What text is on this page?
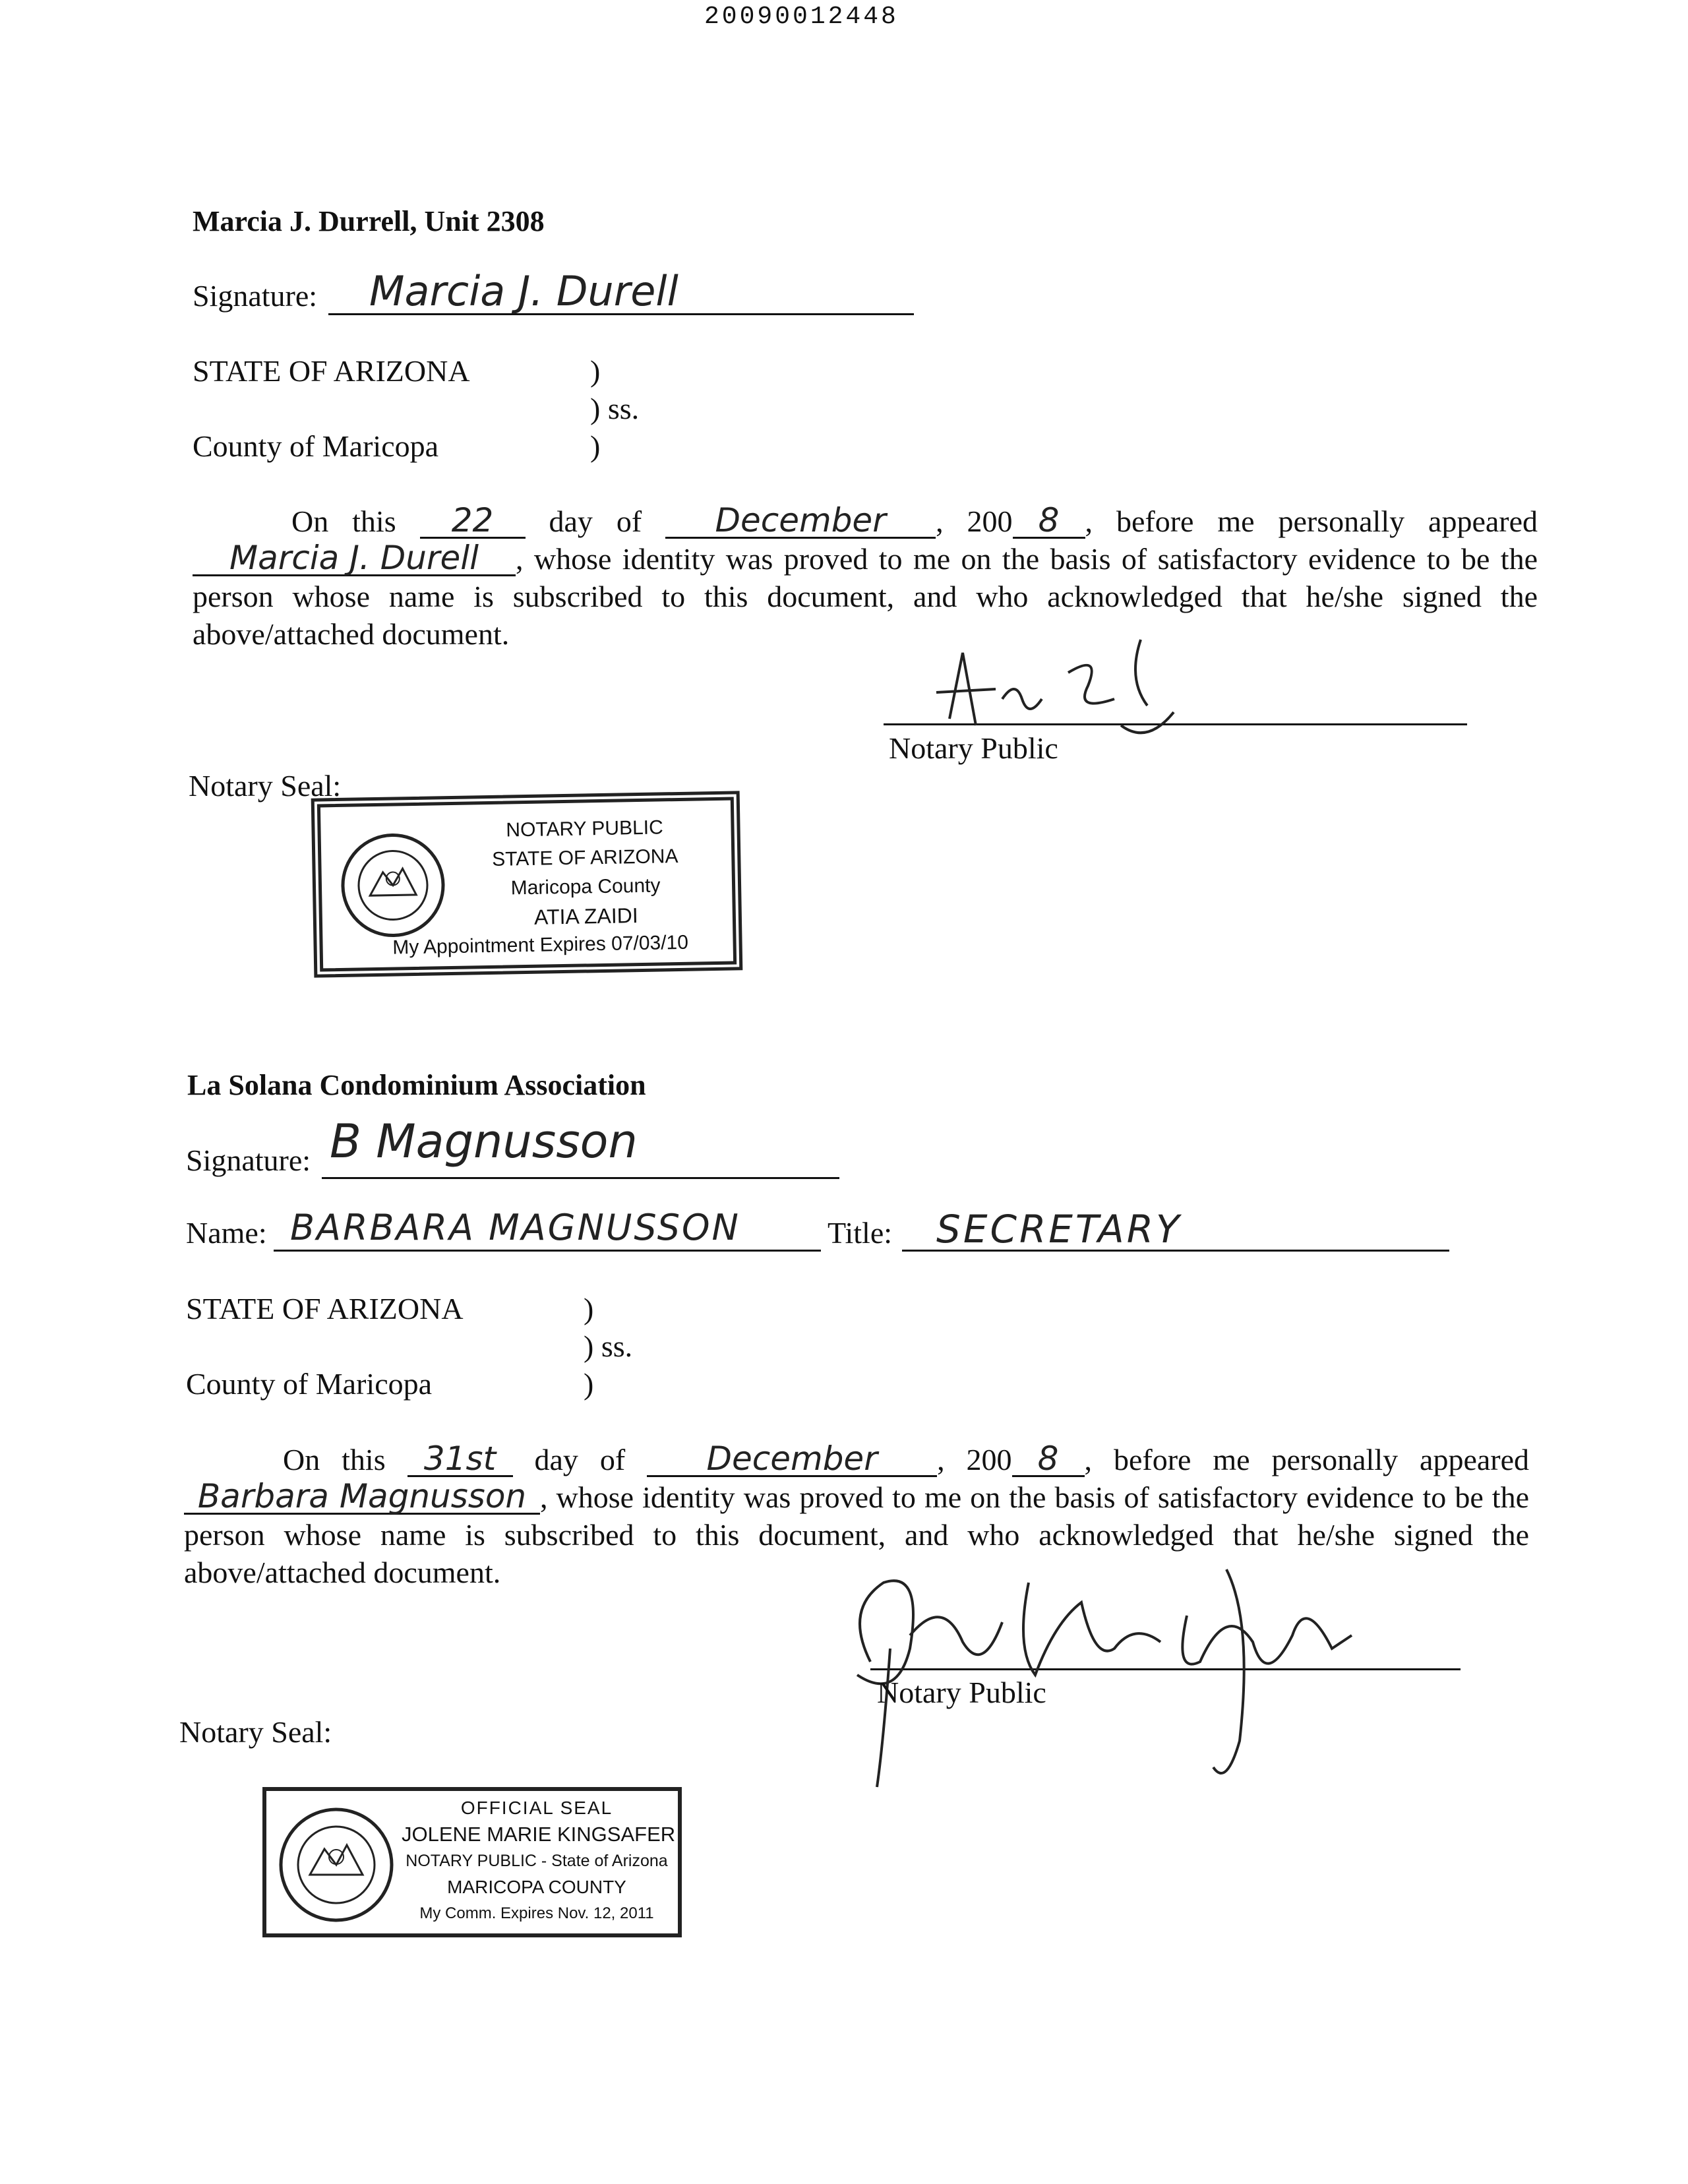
20090012448
Marcia J. Durrell, Unit 2308
Signature: Marcia J. Durell
STATE OF ARIZONA	)
) ss.
County of Maricopa	)
On this 22 day of December , 200 8 , before me personally appeared Marcia J. Durell , whose identity was proved to me on the basis of satisfactory evidence to be the person whose name is subscribed to this document, and who acknowledged that he/she signed the above/attached document.
Notary Public
Notary Seal:
NOTARY PUBLIC
STATE OF ARIZONA
Maricopa County
ATIA ZAIDI
My Appointment Expires 07/03/10
La Solana Condominium Association
Signature: B Magnusson
Name: BARBARA MAGNUSSON	Title: SECRETARY
STATE OF ARIZONA	)
) ss.
County of Maricopa	)
On this 31st day of December , 200 8 , before me personally appeared Barbara Magnusson , whose identity was proved to me on the basis of satisfactory evidence to be the person whose name is subscribed to this document, and who acknowledged that he/she signed the above/attached document.
Notary Public
Notary Seal:
OFFICIAL SEAL
JOLENE MARIE KINGSAFER
NOTARY PUBLIC - State of Arizona
MARICOPA COUNTY
My Comm. Expires Nov. 12, 2011
